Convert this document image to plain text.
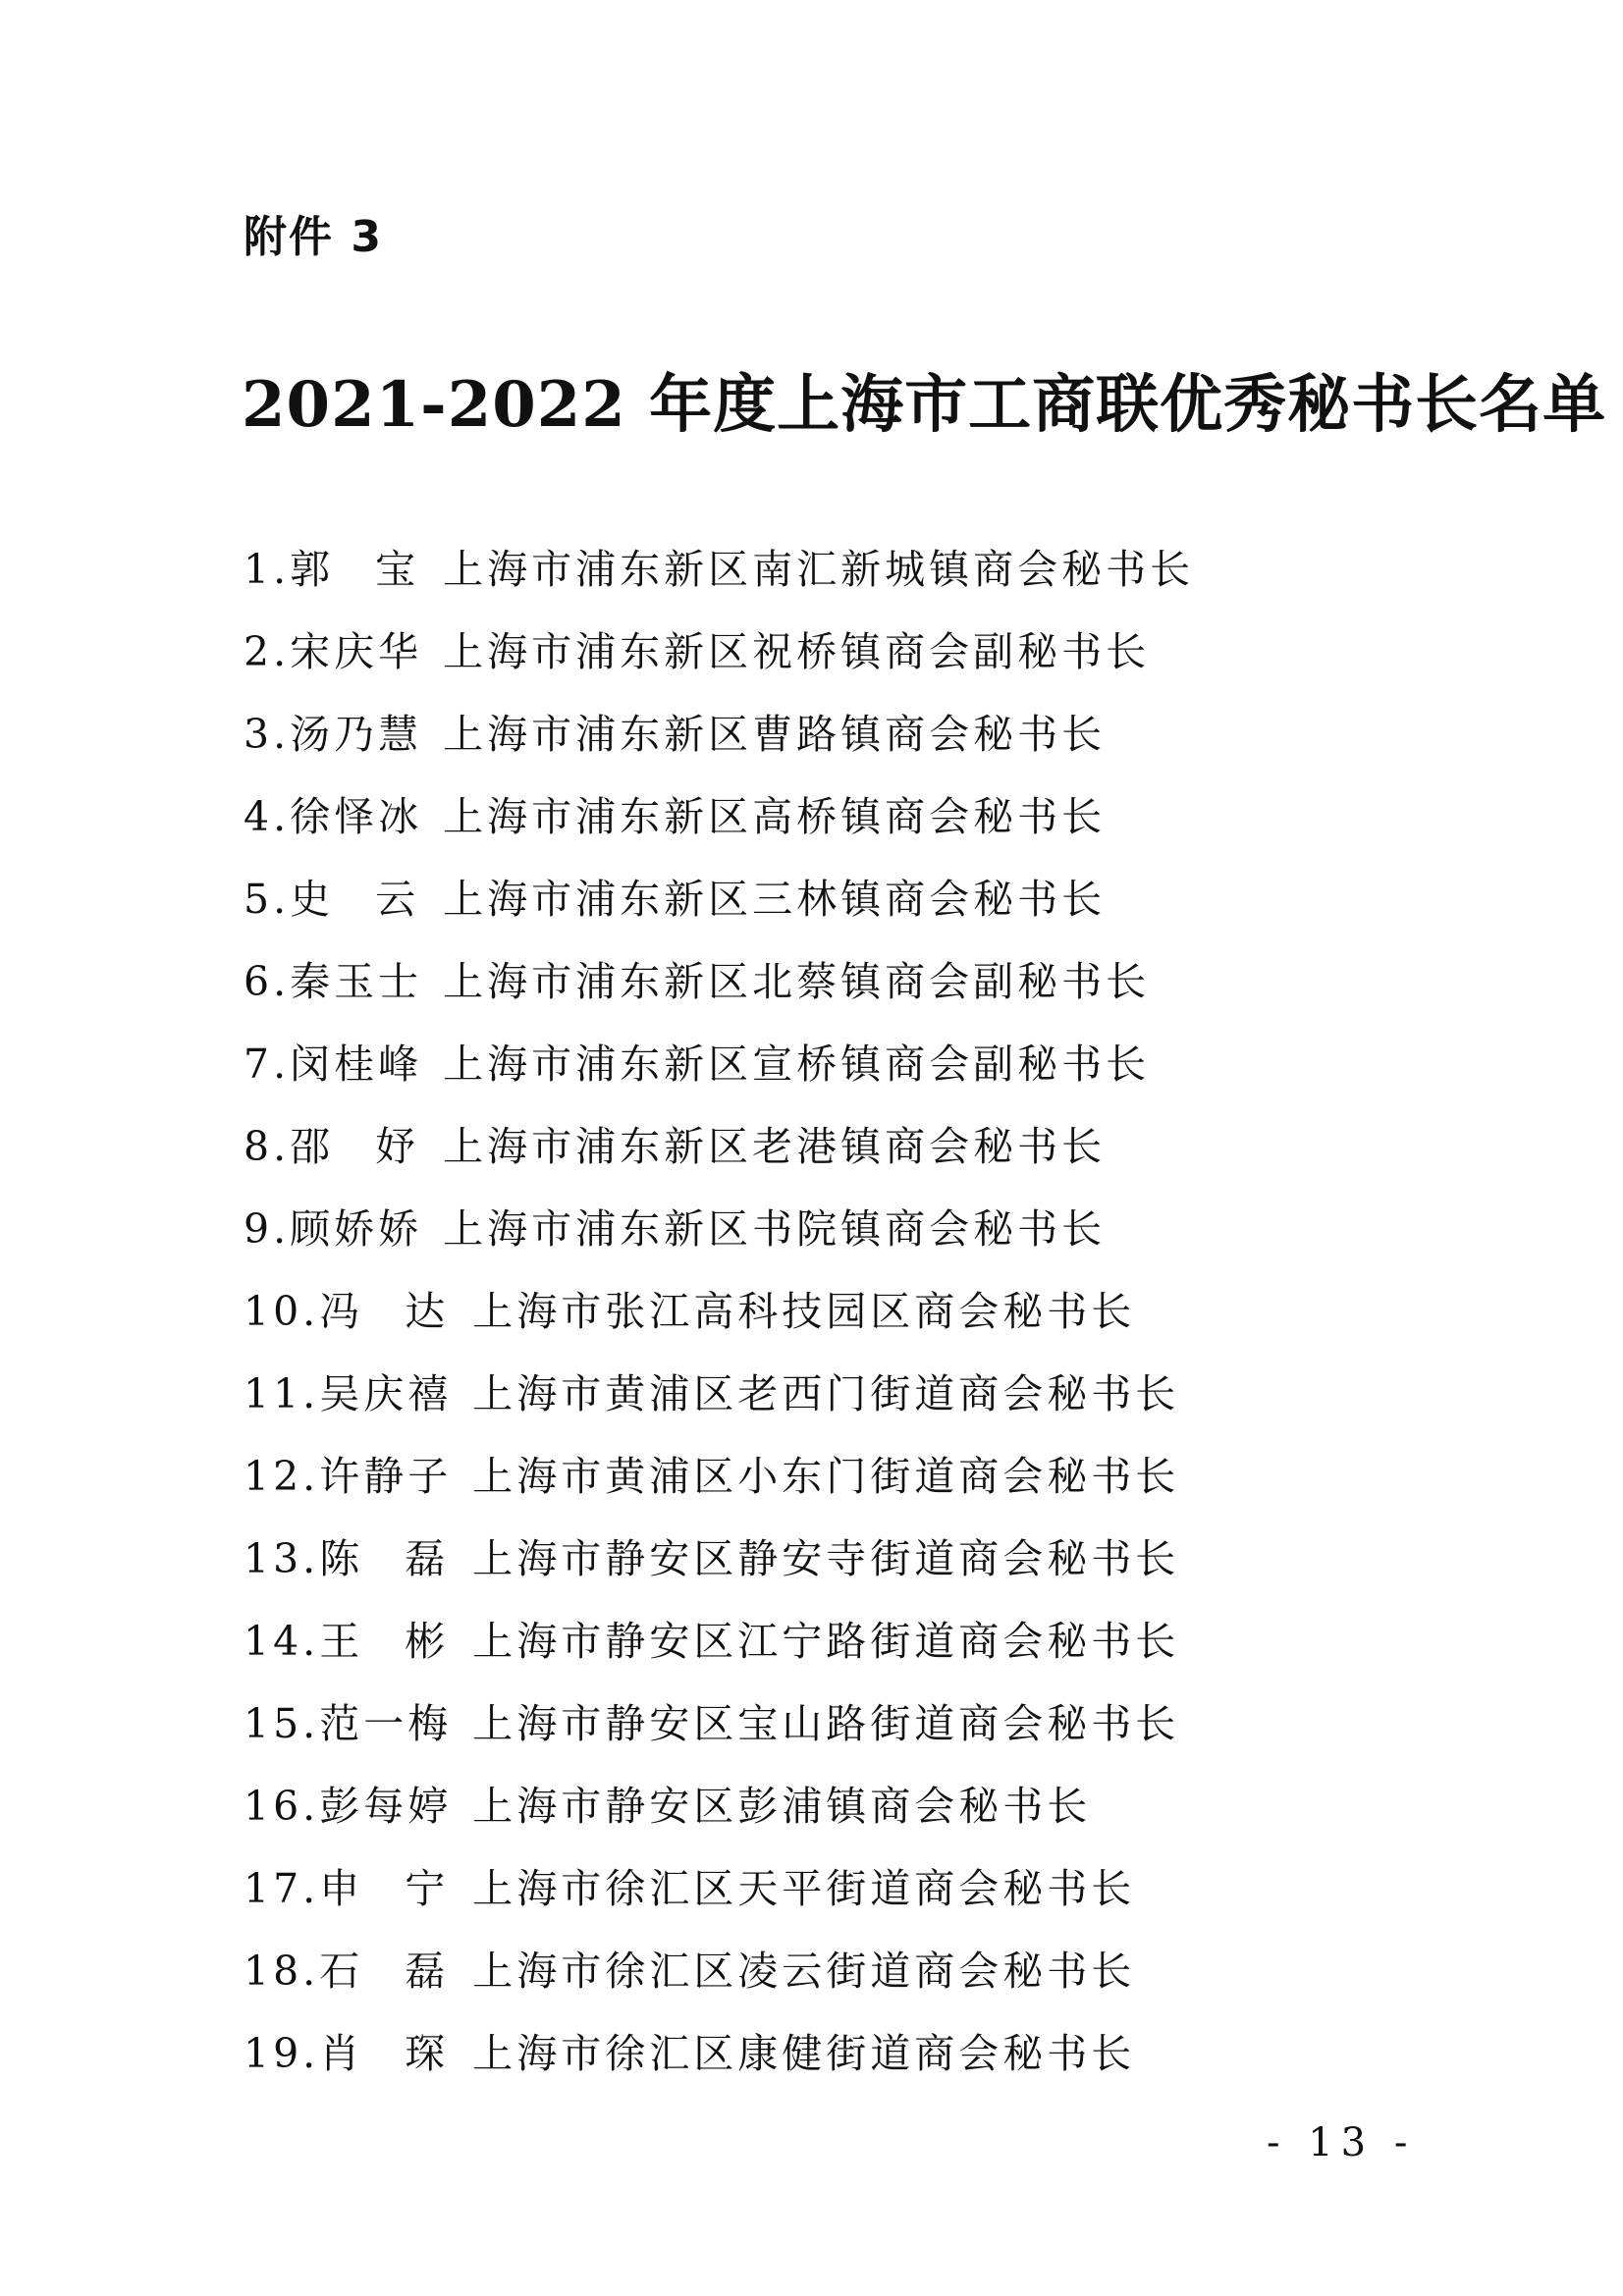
附件 3
2021-2022 年度上海市工商联优秀秘书长名单
1.郭宝 上海市浦东新区南汇新城镇商会秘书长
2.宋庆华 上海市浦东新区祝桥镇商会副秘书长
3.汤乃慧 上海市浦东新区曹路镇商会秘书长
4.徐怿冰 上海市浦东新区高桥镇商会秘书长
5.史云 上海市浦东新区三林镇商会秘书长
6.秦玉士 上海市浦东新区北蔡镇商会副秘书长
7.闵桂峰 上海市浦东新区宣桥镇商会副秘书长
8.邵妤 上海市浦东新区老港镇商会秘书长
9.顾娇娇 上海市浦东新区书院镇商会秘书长
10.冯达 上海市张江高科技园区商会秘书长
11.吴庆禧 上海市黄浦区老西门街道商会秘书长
12.许静子 上海市黄浦区小东门街道商会秘书长
13.陈磊 上海市静安区静安寺街道商会秘书长
14.王彬 上海市静安区江宁路街道商会秘书长
15.范一梅 上海市静安区宝山路街道商会秘书长
16.彭每婷 上海市静安区彭浦镇商会秘书长
17.申宁 上海市徐汇区天平街道商会秘书长
18.石磊 上海市徐汇区凌云街道商会秘书长
19.肖琛 上海市徐汇区康健街道商会秘书长
- 13 -
